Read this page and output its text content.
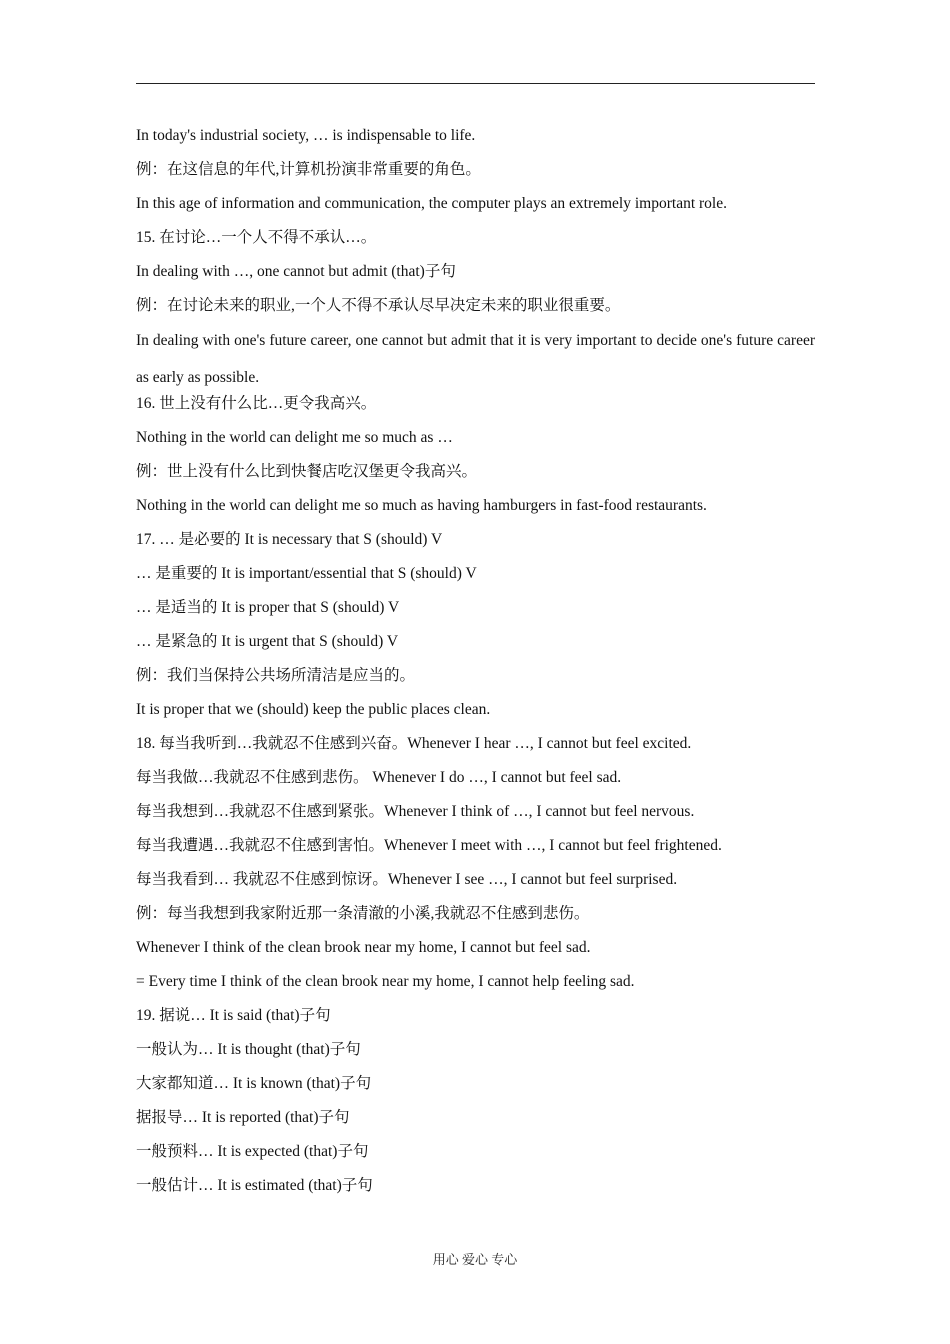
In today's industrial society, … is indispensable to life.
例：在这信息的年代,计算机扮演非常重要的角色。
In this age of information and communication, the computer plays an extremely important role.
15. 在讨论…一个人不得不承认…。
In dealing with …, one cannot but admit (that)子句
例：在讨论未来的职业,一个人不得不承认尽早决定未来的职业很重要。
In dealing with one's future career, one cannot but admit that it is very important to decide one's future career as early as possible.
16. 世上没有什么比…更令我高兴。
Nothing in the world can delight me so much as …
例：世上没有什么比到快餐店吃汉堡更令我高兴。
Nothing in the world can delight me so much as having hamburgers in fast-food restaurants.
17. … 是必要的 It is necessary that S (should) V
… 是重要的 It is important/essential that S (should) V
… 是适当的 It is proper that S (should) V
… 是紧急的 It is urgent that S (should) V
例：我们当保持公共场所清洁是应当的。
It is proper that we (should) keep the public places clean.
18. 每当我听到…我就忍不住感到兴奋。Whenever I hear …, I cannot but feel excited.
每当我做…我就忍不住感到悲伤。 Whenever I do …, I cannot but feel sad.
每当我想到…我就忍不住感到紧张。Whenever I think of …, I cannot but feel nervous.
每当我遭遇…我就忍不住感到害怕。Whenever I meet with …, I cannot but feel frightened.
每当我看到… 我就忍不住感到惊讶。Whenever I see …, I cannot but feel surprised.
例：每当我想到我家附近那一条清澈的小溪,我就忍不住感到悲伤。
Whenever I think of the clean brook near my home, I cannot but feel sad.
= Every time I think of the clean brook near my home, I cannot help feeling sad.
19. 据说… It is said (that)子句
一般认为… It is thought (that)子句
大家都知道… It is known (that)子句
据报导… It is reported (that)子句
一般预料… It is expected (that)子句
一般估计… It is estimated (that)子句
用心 爱心 专心
